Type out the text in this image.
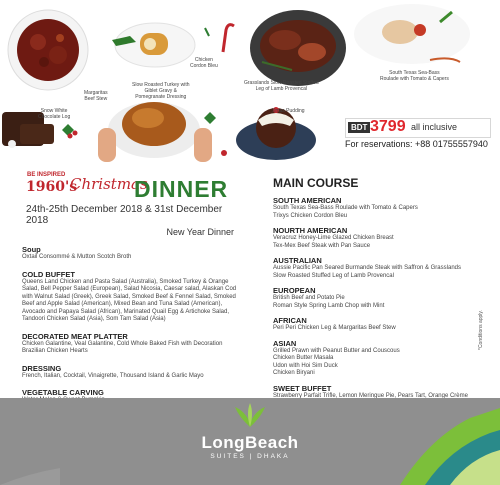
Margaritas
Beef Stew
Slow Roasted Turkey with
Giblet Gravy &
Pomegranate Dressing
Chicken
Cordon Bleu
Grasslands Slow Roasted Stuffed
Leg of Lamb Provencal
South Texas Sea-Bass
Roulade with Tomato & Capers
Snow White
Chocolate Log
Xmas Pudding
BDT 3799 all inclusive
For reservations: +88 01755557940
BE INSPIRED
1960's
Christmas
DINNER
24th-25th December 2018 & 31st December 2018
New Year Dinner
Soup
Oxtail Consommé & Mutton Scotch Broth
COLD BUFFET
Queens Land Chicken and Pasta Salad (Australia), Smoked Turkey & Orange Salad, Bell Pepper Salad (European), Salad Nicosia, Caesar salad, Alaskan Cod with Walnut Salad (Greek), Greek Salad, Smoked Beef & Fennel Salad, Smoked Beef and Apple Salad (American), Mixed Bean and Tuna Salad (American), Avocado and Papaya Salad (African), Marinated Quail Egg & Artichoke Salad, Tandoori Chicken Salad (Asia), Som Tam Salad (Asia)
DECORATED MEAT PLATTER
Chicken Galantine, Veal Galantine, Cold Whole Baked Fish with Decoration Brazilian Chicken Hearts
DRESSING
French, Italian, Cocktail, Vinaigrette, Thousand Island & Garlic Mayo
VEGETABLE CARVING
MAIN COURSE
SOUTH AMERICAN
South Texas Sea-Bass Roulade with Tomato & Capers
Trixys Chicken Cordon Bleu
NOURTH AMERICAN
Veracruz Honey-Lime Glazed Chicken Breast
Tex-Mex Beef Steak with Pan Sauce
AUSTRALIAN
Aussie Pacific Pan Seared Burmande Steak with Saffron & Grasslands Slow Roasted Stuffed Leg of Lamb Provencal
EUROPEAN
British Beef and Potato Pie
Roman Style Spring Lamb Chop with Mint
AFRICAN
Peri Peri Chicken Leg & Margaritas Beef Stew
ASIAN
Grilled Prawn with Peanut Butter and Couscous
Chicken Butter Masala
Udon with Hoi Sim Duck
Chicken Biryani
SWEET BUFFET
Strawberry Parfait Trifle, Lemon Meringue Pie, Pears Tart, Orange Crème
*Conditions apply.
LongBeach
SUITES | DHAKA
